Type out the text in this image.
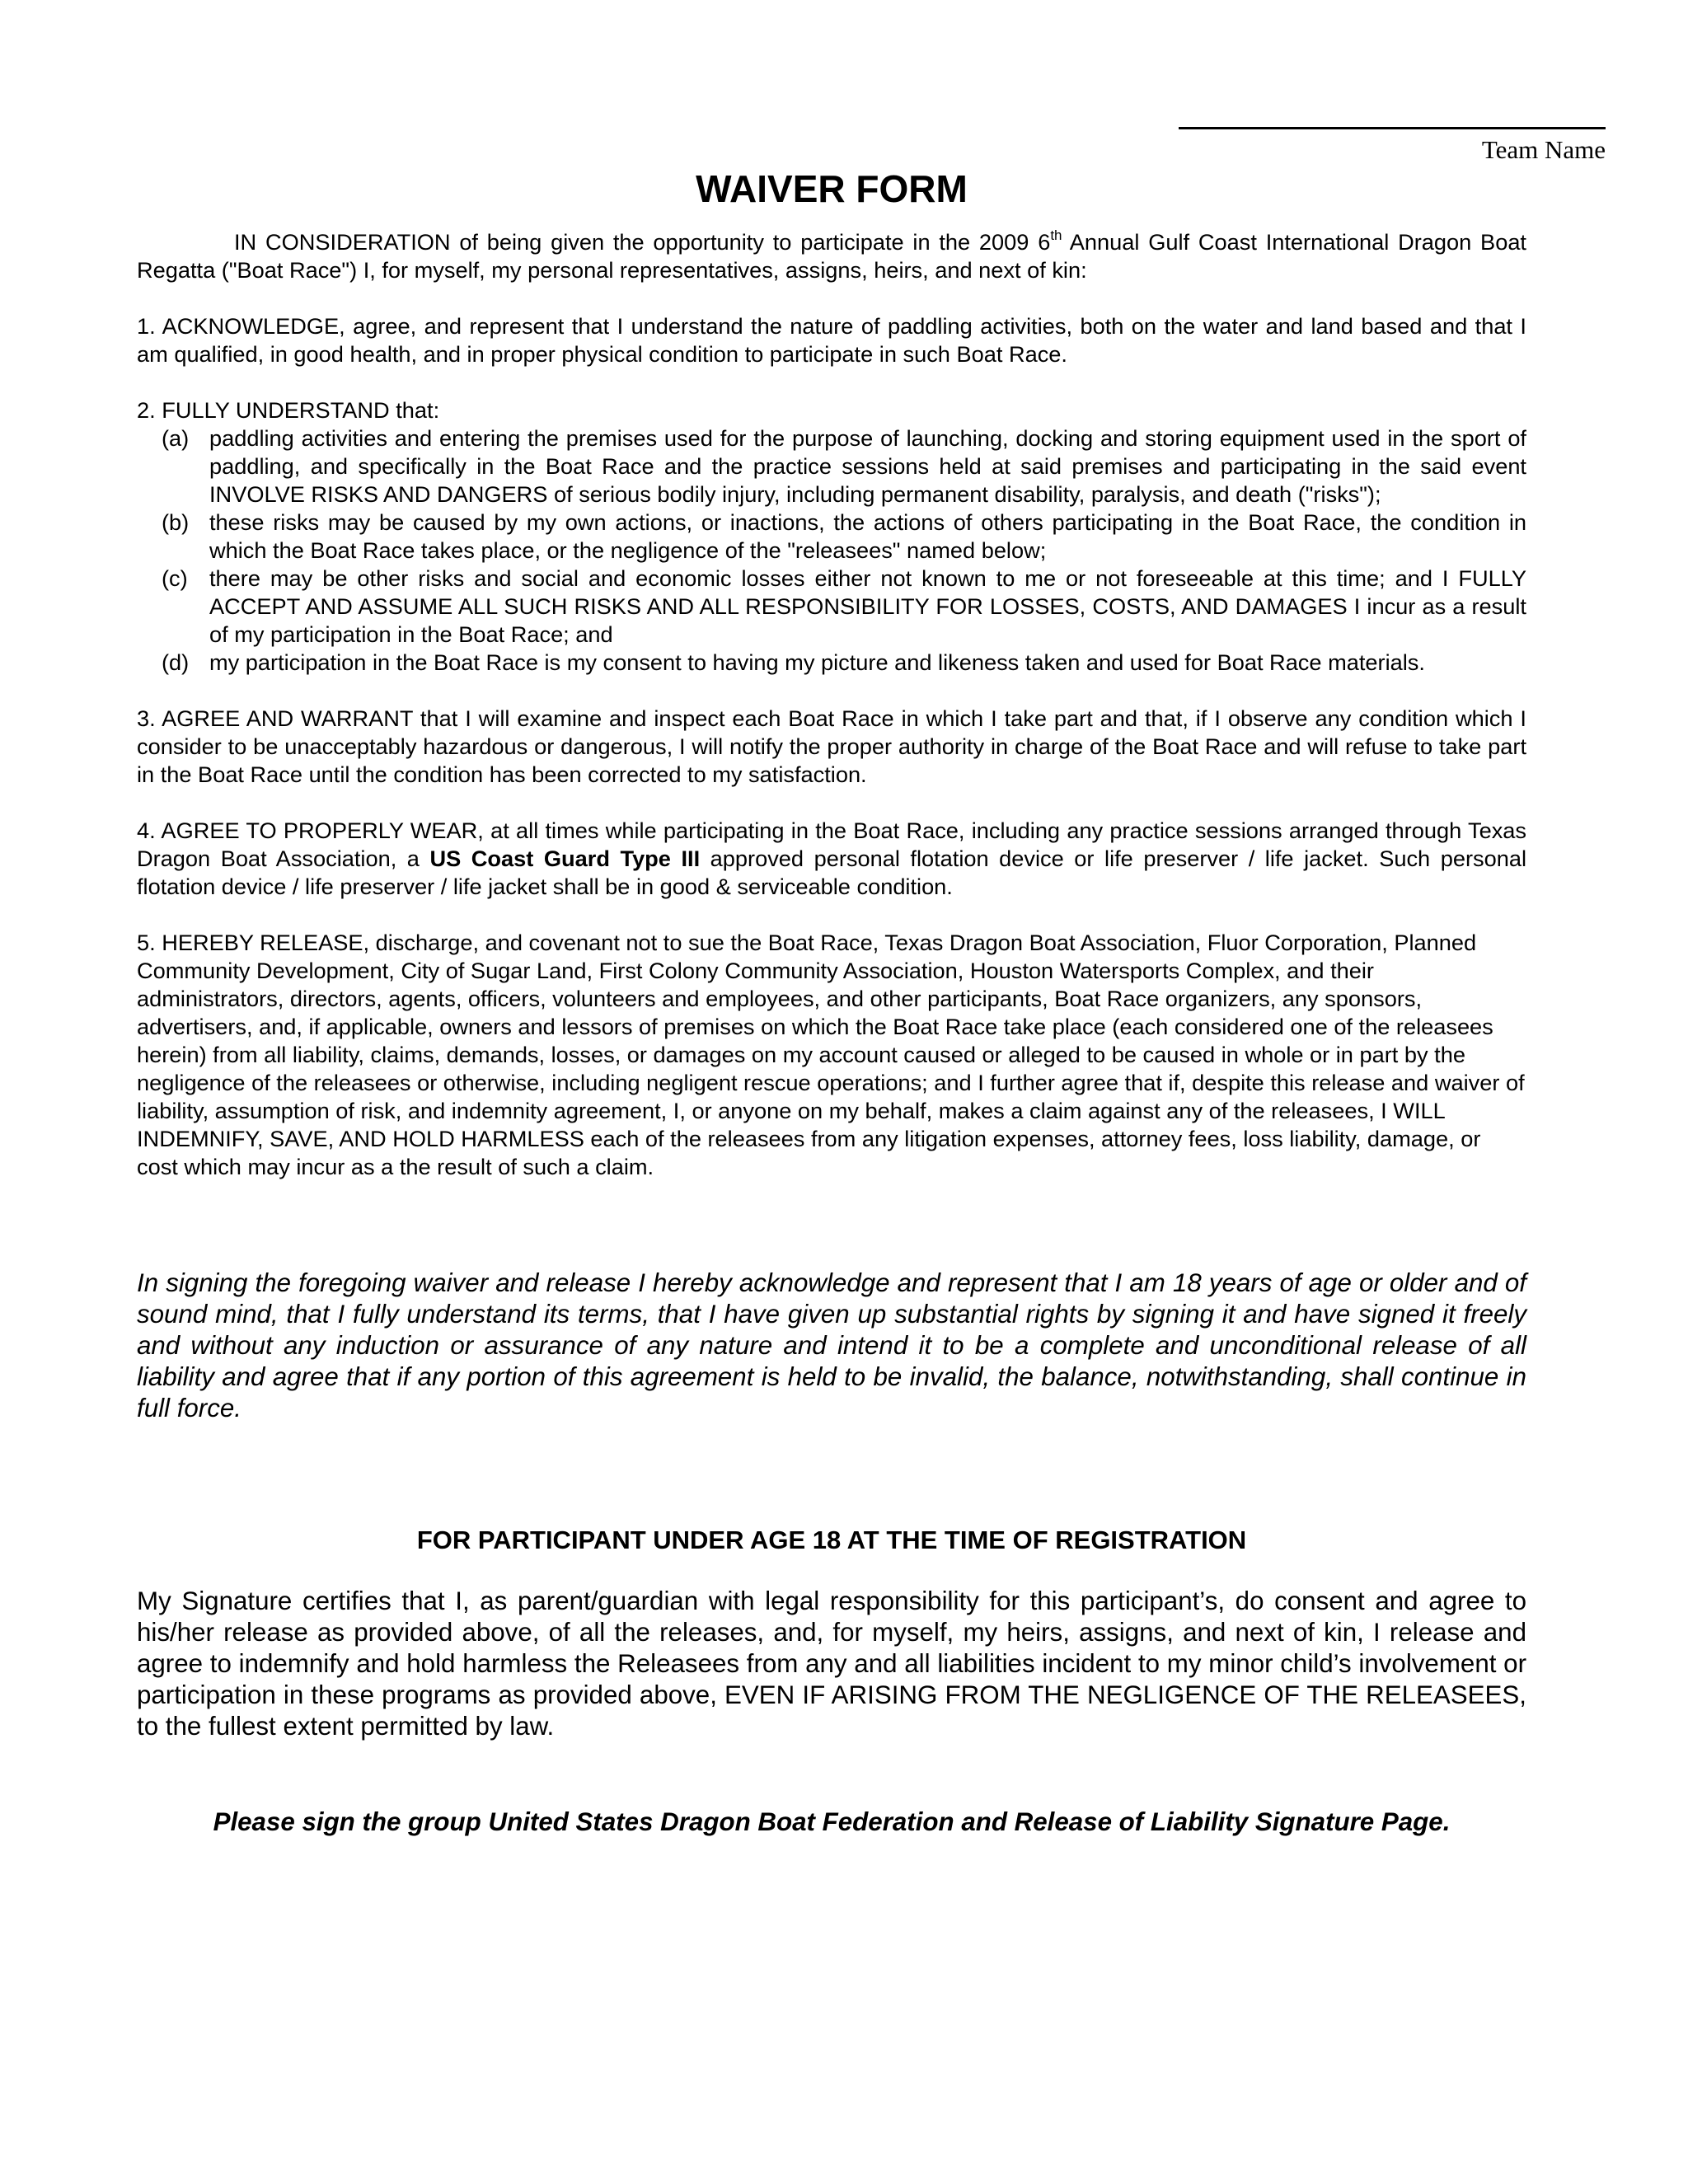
Team Name
WAIVER FORM

IN CONSIDERATION of being given the opportunity to participate in the 2009 6th Annual Gulf Coast International Dragon Boat Regatta ("Boat Race") I, for myself, my personal representatives, assigns, heirs, and next of kin:

1. ACKNOWLEDGE, agree, and represent that I understand the nature of paddling activities, both on the water and land based and that I am qualified, in good health, and in proper physical condition to participate in such Boat Race.

2. FULLY UNDERSTAND that:

(a) paddling activities and entering the premises used for the purpose of launching, docking and storing equipment used in the sport of paddling, and specifically in the Boat Race and the practice sessions held at said premises and participating in the said event INVOLVE RISKS AND DANGERS of serious bodily injury, including permanent disability, paralysis, and death ("risks");
(b) these risks may be caused by my own actions, or inactions, the actions of others participating in the Boat Race, the condition in which the Boat Race takes place, or the negligence of the "releasees" named below;
(c) there may be other risks and social and economic losses either not known to me or not foreseeable at this time; and I FULLY ACCEPT AND ASSUME ALL SUCH RISKS AND ALL RESPONSIBILITY FOR LOSSES, COSTS, AND DAMAGES I incur as a result of my participation in the Boat Race; and
(d) my participation in the Boat Race is my consent to having my picture and likeness taken and used for Boat Race materials.

3. AGREE AND WARRANT that I will examine and inspect each Boat Race in which I take part and that, if I observe any condition which I consider to be unacceptably hazardous or dangerous, I will notify the proper authority in charge of the Boat Race and will refuse to take part in the Boat Race until the condition has been corrected to my satisfaction.

4. AGREE TO PROPERLY WEAR, at all times while participating in the Boat Race, including any practice sessions arranged through Texas Dragon Boat Association, a US Coast Guard Type III approved personal flotation device or life preserver / life jacket. Such personal flotation device / life preserver / life jacket shall be in good & serviceable condition.

5. HEREBY RELEASE, discharge, and covenant not to sue the Boat Race, Texas Dragon Boat Association, Fluor Corporation, Planned Community Development, City of Sugar Land, First Colony Community Association, Houston Watersports Complex, and their administrators, directors, agents, officers, volunteers and employees, and other participants, Boat Race organizers, any sponsors, advertisers, and, if applicable, owners and lessors of premises on which the Boat Race take place (each considered one of the releasees herein) from all liability, claims, demands, losses, or damages on my account caused or alleged to be caused in whole or in part by the negligence of the releasees or otherwise, including negligent rescue operations; and I further agree that if, despite this release and waiver of liability, assumption of risk, and indemnity agreement, I, or anyone on my behalf, makes a claim against any of the releasees, I WILL INDEMNIFY, SAVE, AND HOLD HARMLESS each of the releasees from any litigation expenses, attorney fees, loss liability, damage, or cost which may incur as a the result of such a claim.

In signing the foregoing waiver and release I hereby acknowledge and represent that I am 18 years of age or older and of sound mind, that I fully understand its terms, that I have given up substantial rights by signing it and have signed it freely and without any induction or assurance of any nature and intend it to be a complete and unconditional release of all liability and agree that if any portion of this agreement is held to be invalid, the balance, notwithstanding, shall continue in full force.

FOR PARTICIPANT UNDER AGE 18 AT THE TIME OF REGISTRATION

My Signature certifies that I, as parent/guardian with legal responsibility for this participant’s, do consent and agree to his/her release as provided above, of all the releases, and, for myself, my heirs, assigns, and next of kin, I release and agree to indemnify and hold harmless the Releasees from any and all liabilities incident to my minor child’s involvement or participation in these programs as provided above, EVEN IF ARISING FROM THE NEGLIGENCE OF THE RELEASEES, to the fullest extent permitted by law.

Please sign the group United States Dragon Boat Federation and Release of Liability Signature Page.
